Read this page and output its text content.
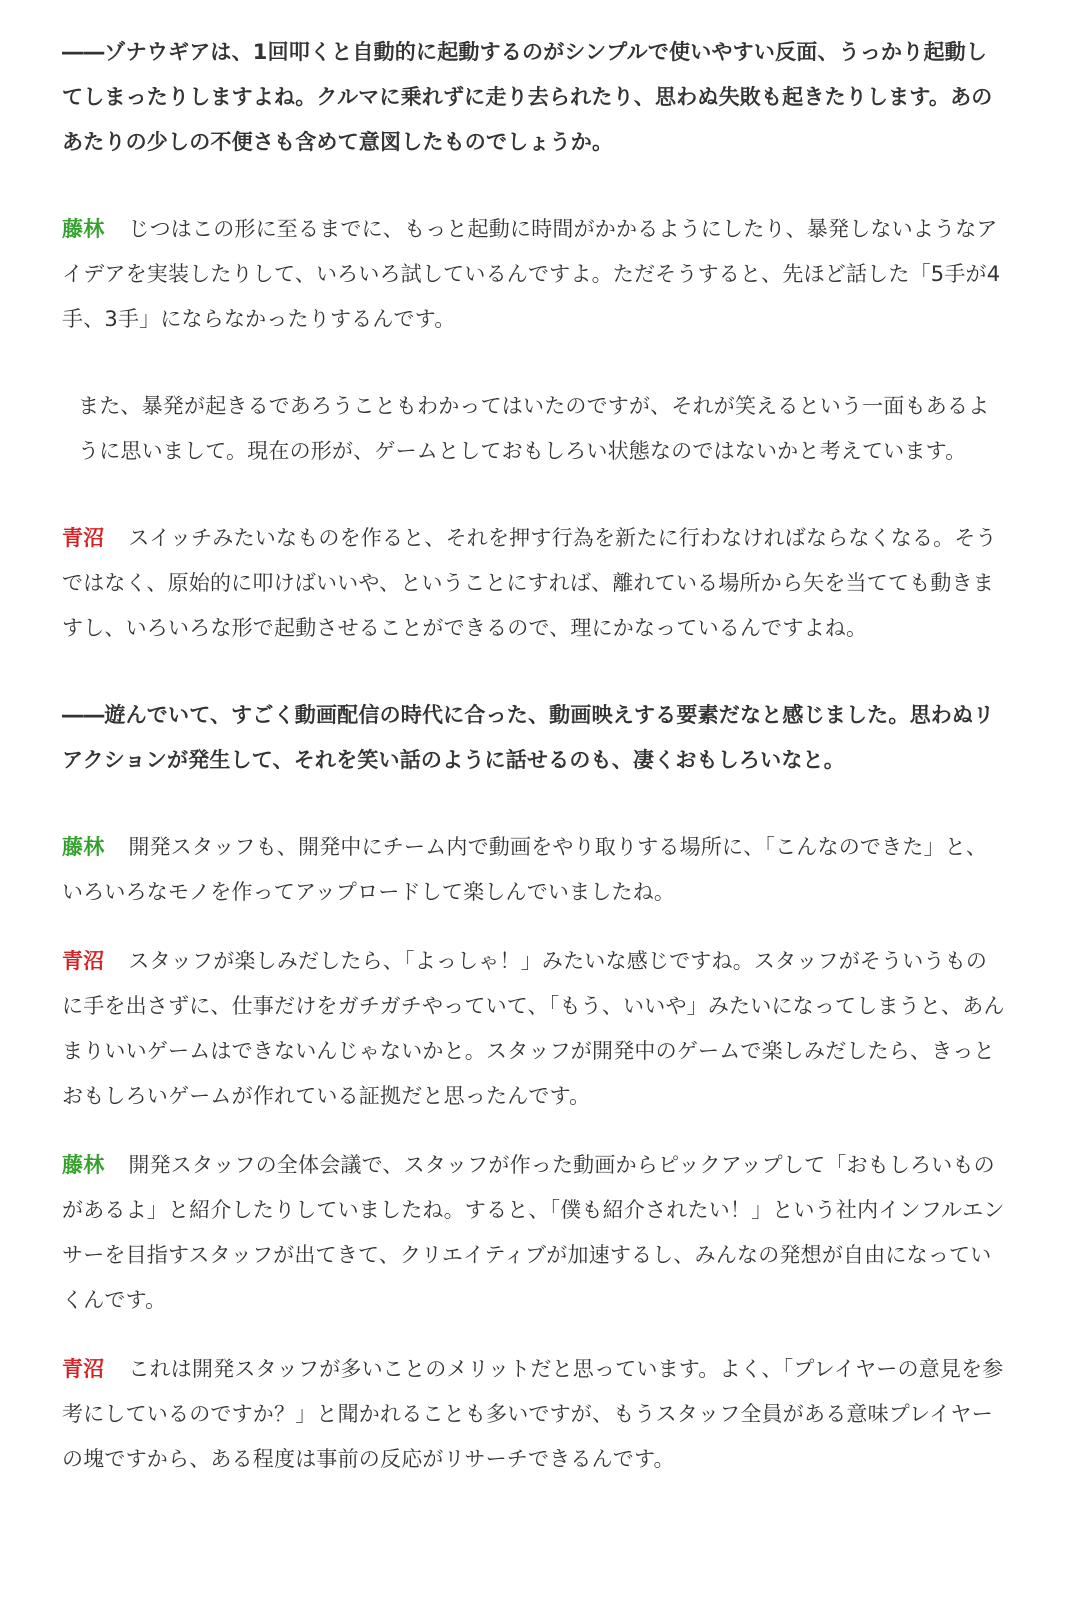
――ゾナウギアは、1回叩くと自動的に起動するのがシンプルで使いやすい反面、うっかり起動してしまったりしますよね。クルマに乗れずに走り去られたり、思わぬ失敗も起きたりします。あのあたりの少しの不便さも含めて意図したものでしょうか。

藤林 じつはこの形に至るまでに、もっと起動に時間がかかるようにしたり、暴発しないようなアイデアを実装したりして、いろいろ試しているんですよ。ただそうすると、先ほど話した「5手が4手、3手」にならなかったりするんです。

また、暴発が起きるであろうこともわかってはいたのですが、それが笑えるという一面もあるように思いまして。現在の形が、ゲームとしておもしろい状態なのではないかと考えています。

青沼 スイッチみたいなものを作ると、それを押す行為を新たに行わなければならなくなる。そうではなく、原始的に叩けばいいや、ということにすれば、離れている場所から矢を当てても動きますし、いろいろな形で起動させることができるので、理にかなっているんですよね。

――遊んでいて、すごく動画配信の時代に合った、動画映えする要素だなと感じました。思わぬリアクションが発生して、それを笑い話のように話せるのも、凄くおもしろいなと。

藤林 開発スタッフも、開発中にチーム内で動画をやり取りする場所に、「こんなのできた」と、いろいろなモノを作ってアップロードして楽しんでいましたね。

青沼 スタッフが楽しみだしたら、「よっしゃ！」みたいな感じですね。スタッフがそういうものに手を出さずに、仕事だけをガチガチやっていて、「もう、いいや」みたいになってしまうと、あんまりいいゲームはできないんじゃないかと。スタッフが開発中のゲームで楽しみだしたら、きっとおもしろいゲームが作れている証拠だと思ったんです。

藤林 開発スタッフの全体会議で、スタッフが作った動画からピックアップして「おもしろいものがあるよ」と紹介したりしていましたね。すると、「僕も紹介されたい！」という社内インフルエンサーを目指すスタッフが出てきて、クリエイティブが加速するし、みんなの発想が自由になっていくんです。

青沼 これは開発スタッフが多いことのメリットだと思っています。よく、「プレイヤーの意見を参考にしているのですか？」と聞かれることも多いですが、もうスタッフ全員がある意味プレイヤーの塊ですから、ある程度は事前の反応がリサーチできるんです。
